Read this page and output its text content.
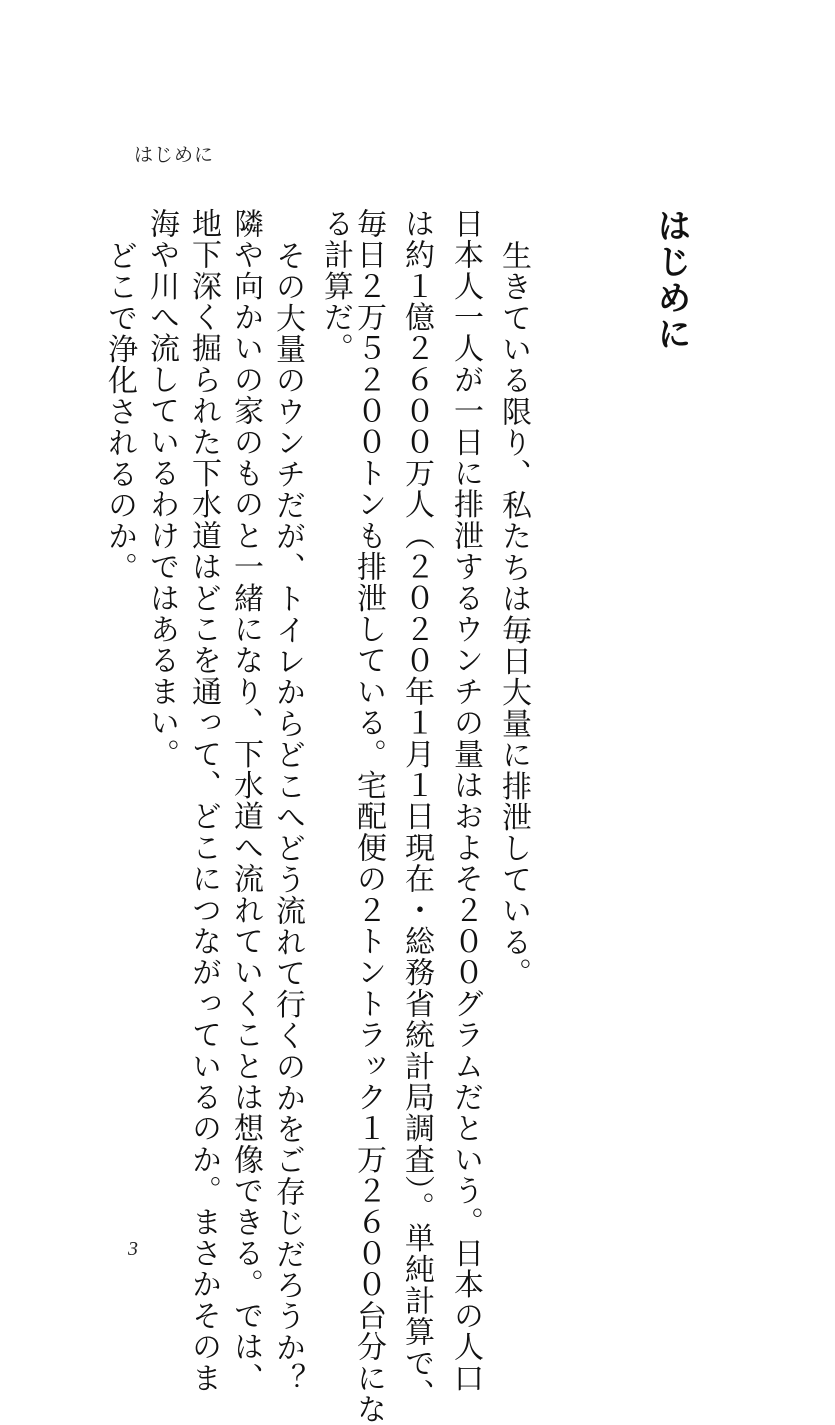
はじめに
はじめに

生きている限り、私たちは毎日大量に排泄している。

日本人一人が一日に排泄するウンチの量はおよそ２００グラムだという。日本の人口

は約１億２６００万人（２０２０年１月１日現在・総務省統計局調査）。単純計算で、

毎日２万５２００トンも排泄している。宅配便の２トントラック１万２６００台分にな

る計算だ。

その大量のウンチだが、トイレからどこへどう流れて行くのかをご存じだろうか？

隣や向かいの家のものと一緒になり、下水道へ流れていくことは想像できる。では、

地下深く掘られた下水道はどこを通って、どこにつながっているのか。まさかそのま

海や川へ流しているわけではあるまい。

どこで浄化されるのか。

3
